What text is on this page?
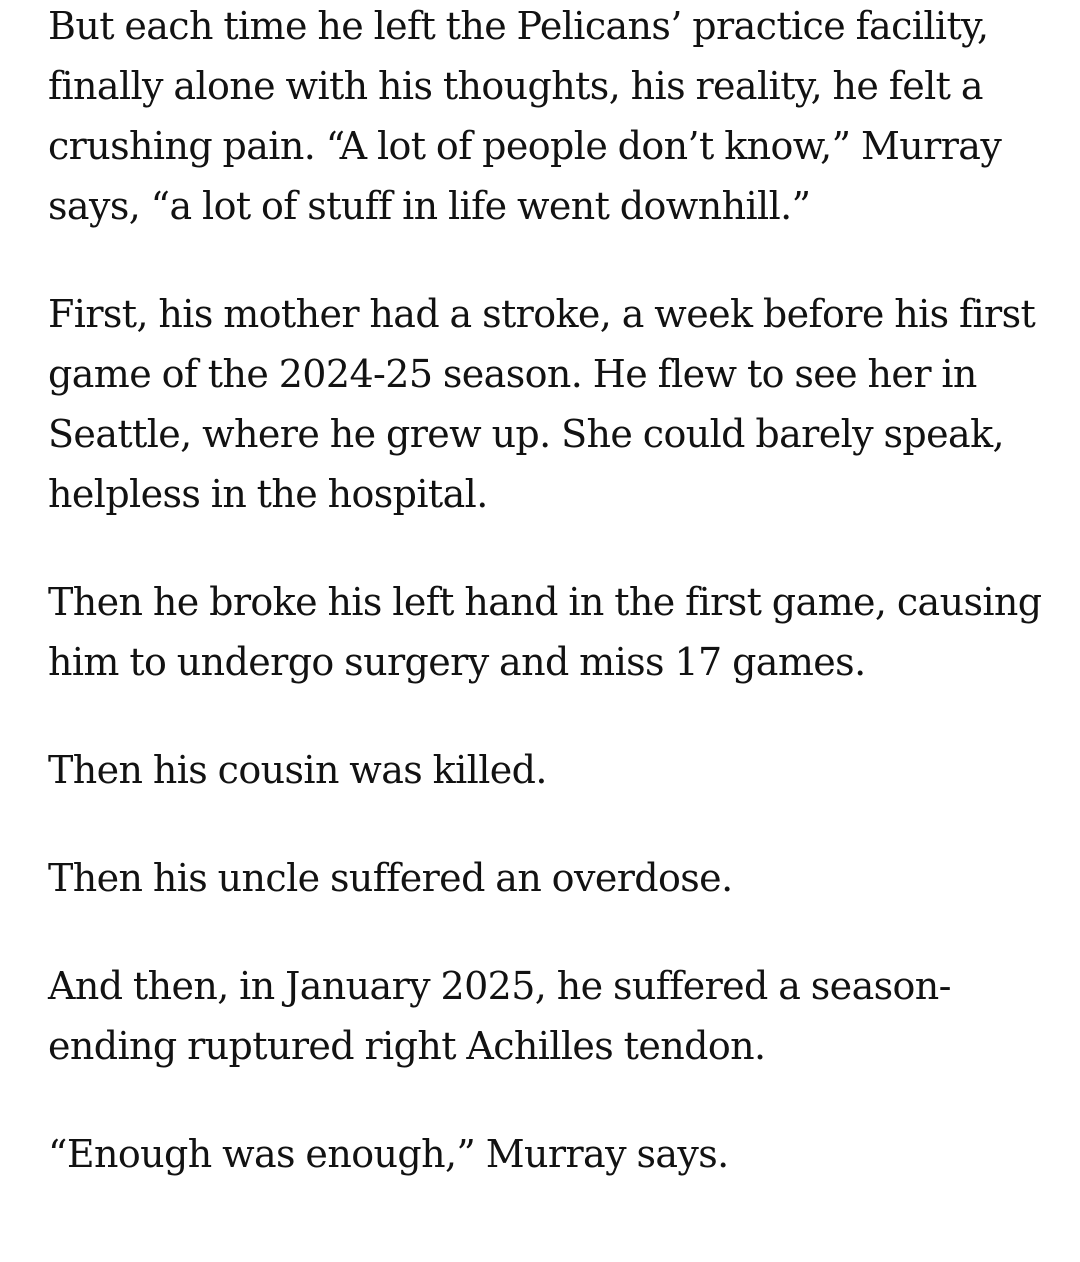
But each time he left the Pelicans’ practice facility, finally alone with his thoughts, his reality, he felt a crushing pain. “A lot of people don’t know,” Murray says, “a lot of stuff in life went downhill.”

First, his mother had a stroke, a week before his first game of the 2024-25 season. He flew to see her in Seattle, where he grew up. She could barely speak, helpless in the hospital.

Then he broke his left hand in the first game, causing him to undergo surgery and miss 17 games.

Then his cousin was killed.

Then his uncle suffered an overdose.

And then, in January 2025, he suffered a season-ending ruptured right Achilles tendon.

“Enough was enough,” Murray says.
